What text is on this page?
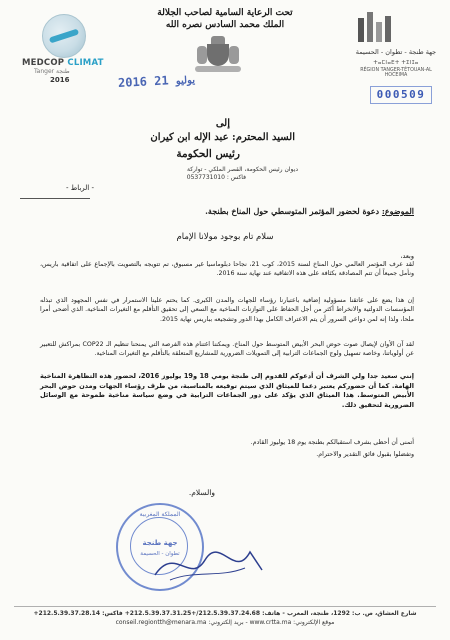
MEDCOP CLIMAT
Tanger طنجة
2016
تحت الرعاية السامية لصاحب الجلالة
الملك محمد السادس نصره الله
جهة طنجة - تطوان - الحسيمة
ⵜⴰⵎⵏⴰⴹⵜ ⵜⵉⵏⵊⴰ
RÉGION TANGER-TÉTOUAN-AL HOCEIMA
2016	يوليو 21
000509
إلى
السيد المحترم: عبد الإله ابن كيران
رئيس الحكومة
ديوان رئيس الحكومة، القصر الملكي - تواركة
فاكس : 0537731010
- الرباط -
الموضوع: دعوة لحضور المؤتمر المتوسطي حول المناخ بطنجة.
سلام تام بوجود مولانا الإمام
وبعد،
لقد عرف المؤتمر العالمي حول المناخ لسنة 2015، كوب 21، نجاحا دبلوماسيا غير مسبوق، تم تتويجه بالتصويت بالإجماع على اتفاقية باريس، ونأمل جميعاً أن تتم المصادقة بكثافة على هذه الاتفاقية عند نهاية سنة 2016.
إن هذا يضع على عاتقنا مسؤولية إضافية باعتبارنا رؤساء للجهات والمدن الكبرى. كما يحتم علينا الاستمرار في نفس المجهود الذي تبذله المؤسسات الدولتية والانخراط أكثر من أجل الحفاظ على التوازنات المناخية مع السعي إلى تحقيق التأقلم مع التغيرات المناخية. الذي أضحى أمرا ملحا، ولذا إنه لمن دواعي السرور أن يتم الاعتراف الكامل بهذا الدور وتشجيعه بباريس نهاية 2015.
لقد آن الأوان لإيصال صوت حوض البحر الأبيض المتوسط حول المناخ. ويمكننا اغتنام هذه الفرصة التي يمنحنا تنظيم الـ COP22 بمراكش للتعبير عن أولوياتنا، وخاصة تسهيل ولوج الجماعات الترابية إلى التمويلات الضرورية للمشاريع المتعلقة بالتأقلم مع التغيرات المناخية.
إنني سعيد جدا ولي الشرف أن أدعوكم للقدوم إلى طنجة يومي 18 و19 يوليوز 2016، لحضور هذه التظاهرة المناخية الهامة. كما أن حضوركم يعتبر دعما للميثاق الذي سيتم توقيعه بالمناسبة، من طرف رؤساء الجهات ومدن حوض البحر الأبيض المتوسط. هذا الميثاق الذي يؤكد على دور الجماعات الترابية في وضع سياسة مناخية طموحة مع الوسائل الضرورية لتحقيق ذلك.
أتمنى أن أحظى بشرف استقبالكم بطنجة يوم 18 يوليوز القادم.
وتفضلوا بقبول فائق التقدير والاحترام.
والسلام.
المملكة المغربية
جهة طنجة
تطوان - الحسيمة
شارع العشاق، ص. ب: 1292، طنجة، المغرب - هاتف: 212.5.39.37.24.68/+212.5.39.37.31.25+ فاكس: 212.5.39.37.28.14+
موقع الإلكتروني: www.crtta.ma - بريد إلكتروني: conseil.regiontth@menara.ma
